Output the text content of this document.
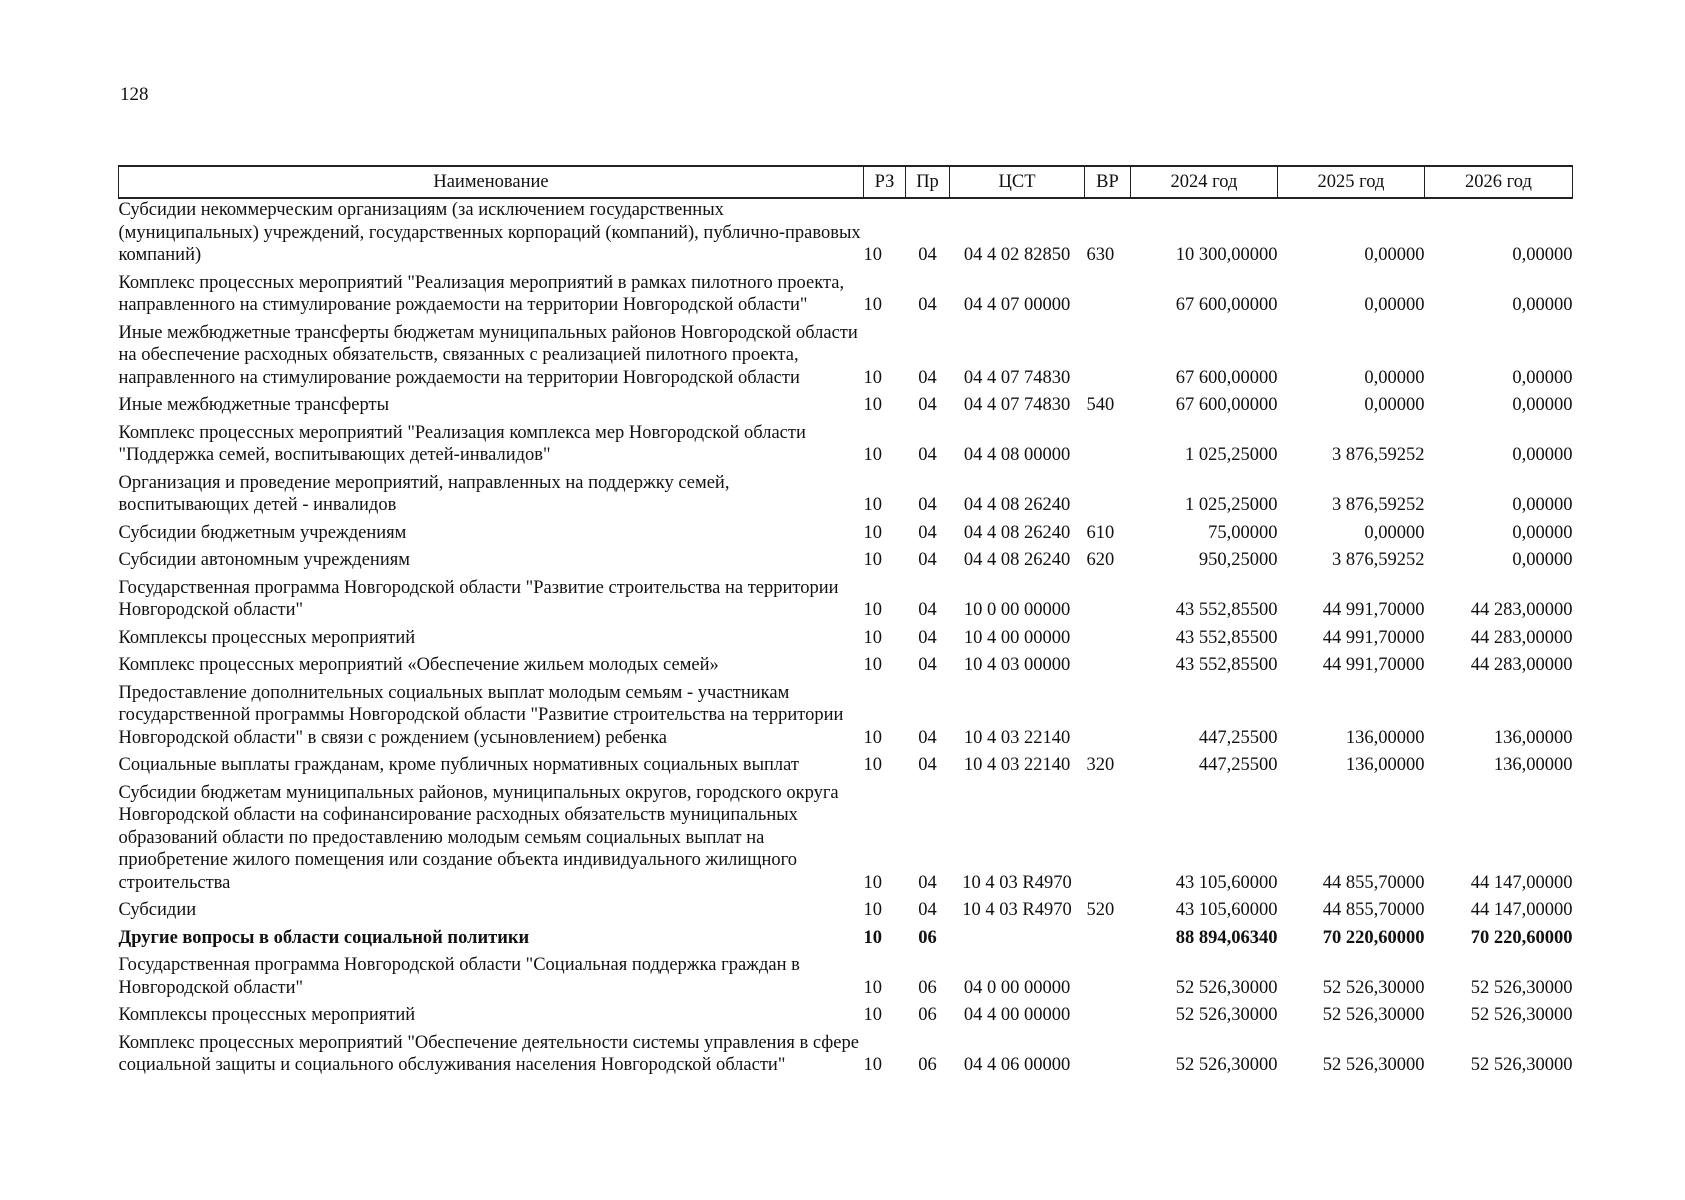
128
Наименование	РЗ	Пр	ЦСТ	ВР	2024 год	2025 год	2026 год
Субсидии некоммерческим организациям (за исключением государственных (муниципальных) учреждений, государственных корпораций (компаний), публично-правовых компаний)	10	04	04 4 02 82850	630	10 300,00000	0,00000	0,00000
Комплекс процессных мероприятий "Реализация мероприятий в рамках пилотного проекта, направленного на стимулирование рождаемости на территории Новгородской области"	10	04	04 4 07 00000		67 600,00000	0,00000	0,00000
Иные межбюджетные трансферты бюджетам муниципальных районов Новгородской области на обеспечение расходных обязательств, связанных с реализацией пилотного проекта, направленного на стимулирование рождаемости на территории Новгородской области	10	04	04 4 07 74830		67 600,00000	0,00000	0,00000
Иные межбюджетные трансферты	10	04	04 4 07 74830	540	67 600,00000	0,00000	0,00000
Комплекс процессных мероприятий "Реализация комплекса мер Новгородской области "Поддержка семей, воспитывающих детей-инвалидов"	10	04	04 4 08 00000		1 025,25000	3 876,59252	0,00000
Организация и проведение мероприятий, направленных на поддержку семей, воспитывающих детей - инвалидов	10	04	04 4 08 26240		1 025,25000	3 876,59252	0,00000
Субсидии бюджетным учреждениям	10	04	04 4 08 26240	610	75,00000	0,00000	0,00000
Субсидии автономным учреждениям	10	04	04 4 08 26240	620	950,25000	3 876,59252	0,00000
Государственная программа Новгородской области "Развитие строительства на территории Новгородской области"	10	04	10 0 00 00000		43 552,85500	44 991,70000	44 283,00000
Комплексы процессных мероприятий	10	04	10 4 00 00000		43 552,85500	44 991,70000	44 283,00000
Комплекс процессных мероприятий «Обеспечение жильем молодых семей»	10	04	10 4 03 00000		43 552,85500	44 991,70000	44 283,00000
Предоставление дополнительных социальных выплат молодым семьям - участникам государственной программы Новгородской области "Развитие строительства на территории Новгородской области" в связи с рождением (усыновлением) ребенка	10	04	10 4 03 22140		447,25500	136,00000	136,00000
Социальные выплаты гражданам, кроме публичных нормативных социальных выплат	10	04	10 4 03 22140	320	447,25500	136,00000	136,00000
Субсидии бюджетам муниципальных районов, муниципальных округов, городского округа Новгородской области на софинансирование расходных обязательств муниципальных образований области по предоставлению молодым семьям социальных выплат на приобретение жилого помещения или создание объекта индивидуального жилищного строительства	10	04	10 4 03 R4970		43 105,60000	44 855,70000	44 147,00000
Субсидии	10	04	10 4 03 R4970	520	43 105,60000	44 855,70000	44 147,00000
Другие вопросы в области социальной политики	10	06			88 894,06340	70 220,60000	70 220,60000
Государственная программа Новгородской области "Социальная поддержка граждан в Новгородской области"	10	06	04 0 00 00000		52 526,30000	52 526,30000	52 526,30000
Комплексы процессных мероприятий	10	06	04 4 00 00000		52 526,30000	52 526,30000	52 526,30000
Комплекс процессных мероприятий "Обеспечение деятельности системы управления в сфере социальной защиты и социального обслуживания населения Новгородской области"	10	06	04 4 06 00000		52 526,30000	52 526,30000	52 526,30000
